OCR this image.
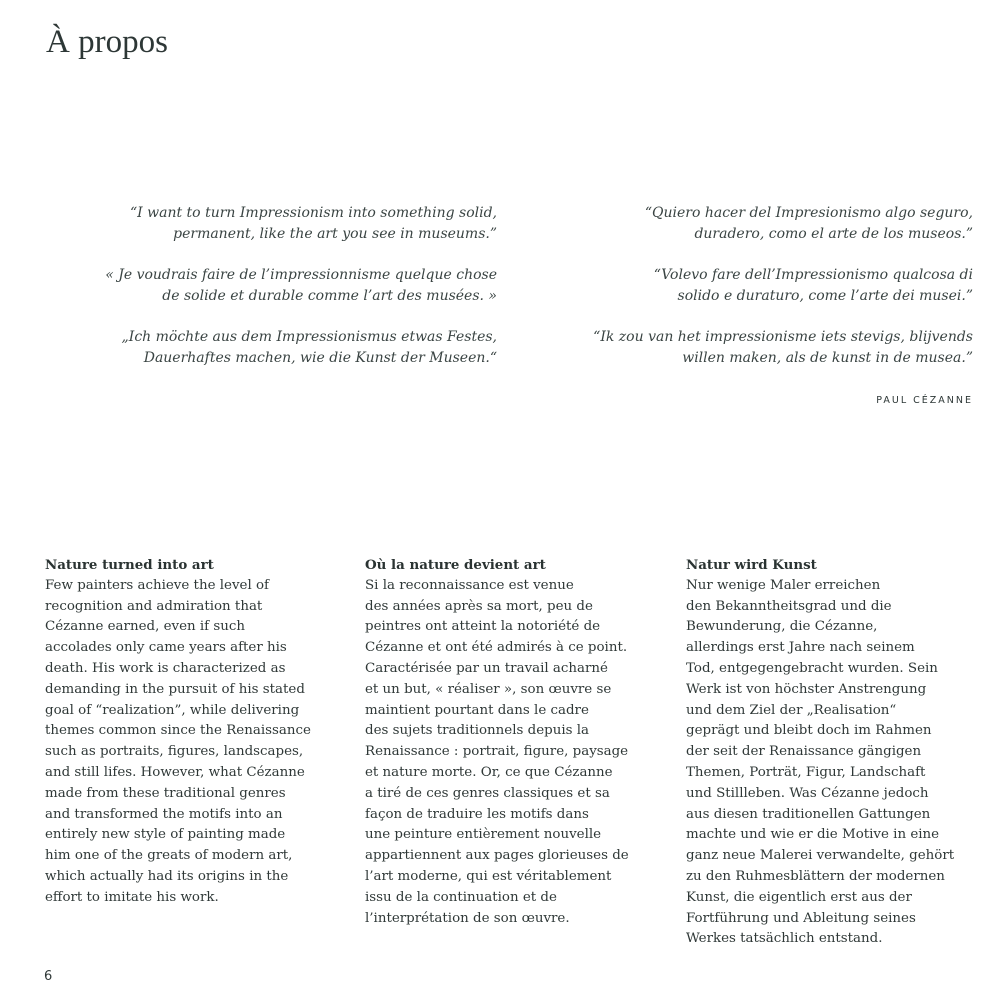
À propos

“I want to turn Impressionism into something solid,
permanent, like the art you see in museums.”

« Je voudrais faire de l’impressionnisme quelque chose
de solide et durable comme l’art des musées. »

„Ich möchte aus dem Impressionismus etwas Festes,
Dauerhaftes machen, wie die Kunst der Museen.“

“Quiero hacer del Impresionismo algo seguro,
duradero, como el arte de los museos.”

“Volevo fare dell’Impressionismo qualcosa di
solido e duraturo, come l’arte dei musei.”

“Ik zou van het impressionisme iets stevigs, blijvends
willen maken, als de kunst in de musea.”

PAUL CÉZANNE
Nature turned into art
Few painters achieve the level of
recognition and admiration that
Cézanne earned, even if such
accolades only came years after his
death. His work is characterized as
demanding in the pursuit of his stated
goal of “realization”, while delivering
themes common since the Renaissance
such as portraits, figures, landscapes,
and still lifes. However, what Cézanne
made from these traditional genres
and transformed the motifs into an
entirely new style of painting made
him one of the greats of modern art,
which actually had its origins in the
effort to imitate his work.
Où la nature devient art
Si la reconnaissance est venue
des années après sa mort, peu de
peintres ont atteint la notoriété de
Cézanne et ont été admirés à ce point.
Caractérisée par un travail acharné
et un but, « réaliser », son œuvre se
maintient pourtant dans le cadre
des sujets traditionnels depuis la
Renaissance : portrait, figure, paysage
et nature morte. Or, ce que Cézanne
a tiré de ces genres classiques et sa
façon de traduire les motifs dans
une peinture entièrement nouvelle
appartiennent aux pages glorieuses de
l’art moderne, qui est véritablement
issu de la continuation et de
l’interprétation de son œuvre.
Natur wird Kunst
Nur wenige Maler erreichen
den Bekanntheitsgrad und die
Bewunderung, die Cézanne,
allerdings erst Jahre nach seinem
Tod, entgegengebracht wurden. Sein
Werk ist von höchster Anstrengung
und dem Ziel der „Realisation“
geprägt und bleibt doch im Rahmen
der seit der Renaissance gängigen
Themen, Porträt, Figur, Landschaft
und Stillleben. Was Cézanne jedoch
aus diesen traditionellen Gattungen
machte und wie er die Motive in eine
ganz neue Malerei verwandelte, gehört
zu den Ruhmesblättern der modernen
Kunst, die eigentlich erst aus der
Fortführung und Ableitung seines
Werkes tatsächlich entstand.
6
